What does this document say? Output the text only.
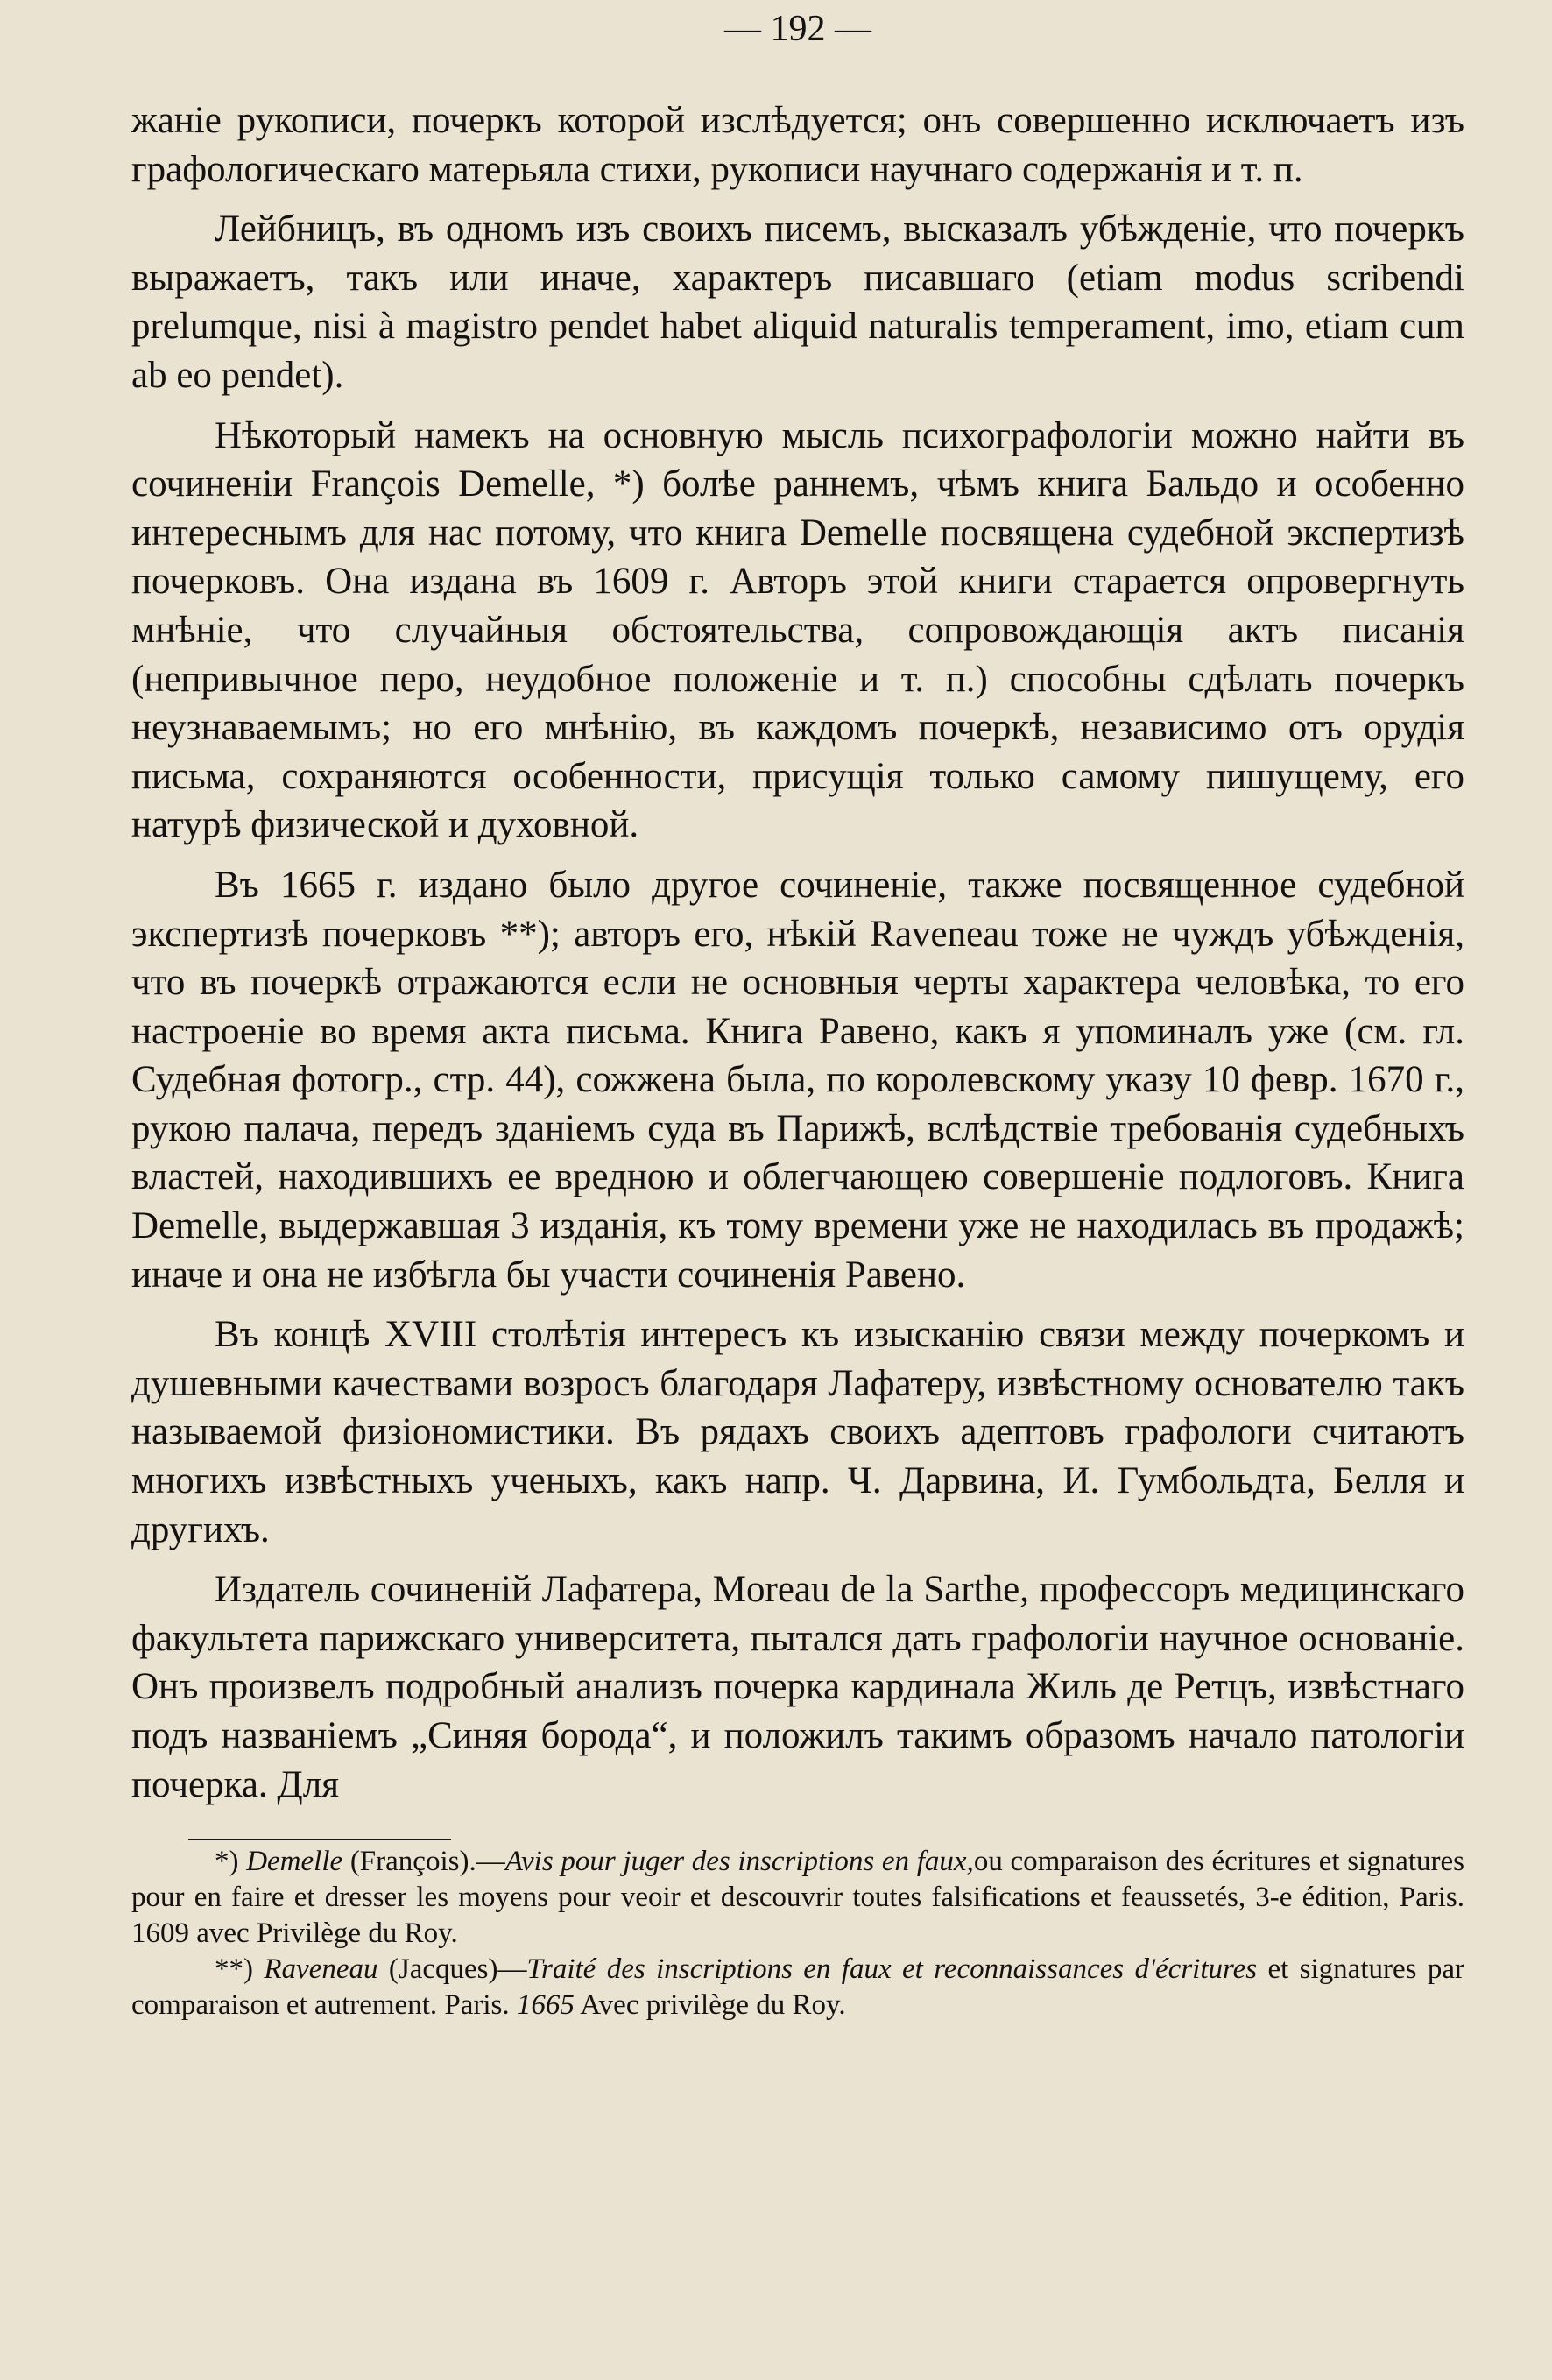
— 192 —

жаніе рукописи, почеркъ которой изслѣдуется; онъ совершенно исключаетъ изъ графологическаго матерьяла стихи, рукописи научнаго содержанія и т. п.

Лейбницъ, въ одномъ изъ своихъ писемъ, высказалъ убѣжденіе, что почеркъ выражаетъ, такъ или иначе, характеръ писавшаго (etiam modus scribendi prelumque, nisi à magistro pendet habet aliquid naturalis temperament, imo, etiam cum ab eo pendet).

Нѣкоторый намекъ на основную мысль психографологіи можно найти въ сочиненіи François Demelle, *) болѣе раннемъ, чѣмъ книга Бальдо и особенно интереснымъ для нас потому, что книга Demelle посвящена судебной экспертизѣ почерковъ. Она издана въ 1609 г. Авторъ этой книги старается опровергнуть мнѣніе, что случайныя обстоятельства, сопровождающія актъ писанія (непривычное перо, неудобное положеніе и т. п.) способны сдѣлать почеркъ неузнаваемымъ; но его мнѣнію, въ каждомъ почеркѣ, независимо отъ орудія письма, сохраняются особенности, присущія только самому пишущему, его натурѣ физической и духовной.

Въ 1665 г. издано было другое сочиненіе, также посвященное судебной экспертизѣ почерковъ **); авторъ его, нѣкій Raveneau тоже не чуждъ убѣжденія, что въ почеркѣ отражаются если не основныя черты характера человѣка, то его настроеніе во время акта письма. Книга Равено, какъ я упоминалъ уже (см. гл. Судебная фотогр., стр. 44), сожжена была, по королевскому указу 10 февр. 1670 г., рукою палача, передъ зданіемъ суда въ Парижѣ, вслѣдствіе требованія судебныхъ властей, находившихъ ее вредною и облегчающею совершеніе подлоговъ. Книга Demelle, выдержавшая 3 изданія, къ тому времени уже не находилась въ продажѣ; иначе и она не избѣгла бы участи сочиненія Равено.

Въ концѣ XVIII столѣтія интересъ къ изысканію связи между почеркомъ и душевными качествами возросъ благодаря Лафатеру, извѣстному основателю такъ называемой физіономистики. Въ рядахъ своихъ адептовъ графологи считаютъ многихъ извѣстныхъ ученыхъ, какъ напр. Ч. Дарвина, И. Гумбольдта, Белля и другихъ.

Издатель сочиненій Лафатера, Moreau de la Sarthe, профессоръ медицинскаго факультета парижскаго университета, пытался дать графологіи научное основаніе. Онъ произвелъ подробный анализъ почерка кардинала Жиль де Ретцъ, извѣстнаго подъ названіемъ „Синяя борода“, и положилъ такимъ образомъ начало патологіи почерка. Для

*) Demelle (François).—Avis pour juger des inscriptions en faux,ou comparaison des écritures et signatures pour en faire et dresser les moyens pour veoir et descouvrir toutes falsifications et feaussetés, 3-e édition, Paris. 1609 avec Privilège du Roy.

**) Raveneau (Jacques)—Traité des inscriptions en faux et reconnaissances d'écritures et signatures par comparaison et autrement. Paris. 1665 Avec privilège du Roy.
